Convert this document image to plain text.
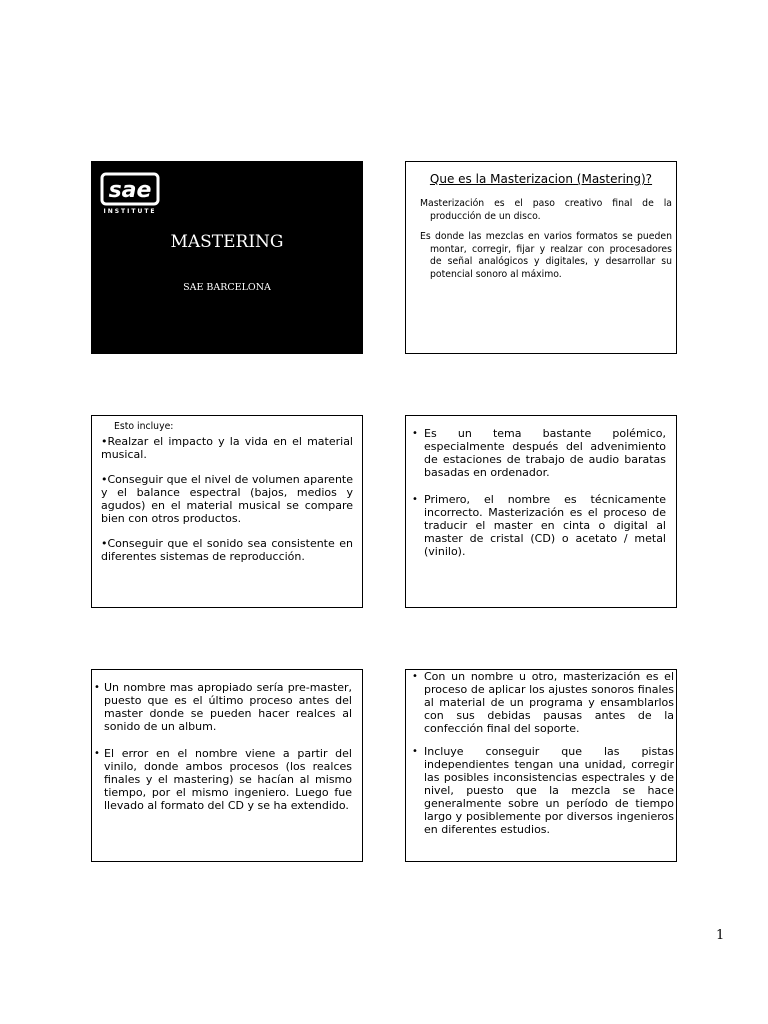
sae
INSTITUTE
MASTERING
SAE BARCELONA
Que es la Masterizacion (Mastering)?

Masterización es el paso creativo final de la producción de un disco.

Es donde las mezclas en varios formatos se pueden montar, corregir, fijar y realzar con procesadores de señal analógicos y digitales, y desarrollar su potencial sonoro al máximo.

Esto incluye:

•Realzar el impacto y la vida en el material musical.

•Conseguir que el nivel de volumen aparente y el balance espectral (bajos, medios y agudos) en el material musical se compare bien con otros productos.

•Conseguir que el sonido sea consistente en diferentes sistemas de reproducción.

• Es un tema bastante polémico, especialmente después del advenimiento de estaciones de trabajo de audio baratas basadas en ordenador.
• Primero, el nombre es técnicamente incorrecto. Masterización es el proceso de traducir el master en cinta o digital al master de cristal (CD) o acetato / metal (vinilo).
• Un nombre mas apropiado sería pre-master, puesto que es el último proceso antes del master donde se pueden hacer realces al sonido de un album.
• El error en el nombre viene a partir del vinilo, donde ambos procesos (los realces finales y el mastering) se hacían al mismo tiempo, por el mismo ingeniero. Luego fue llevado al formato del CD y se ha extendido.
• Con un nombre u otro, masterización es el proceso de aplicar los ajustes sonoros finales al material de un programa y ensamblarlos con sus debidas pausas antes de la confección final del soporte.
• Incluye conseguir que las pistas independientes tengan una unidad, corregir las posibles inconsistencias espectrales y de nivel, puesto que la mezcla se hace generalmente sobre un período de tiempo largo y posiblemente por diversos ingenieros en diferentes estudios.
1
